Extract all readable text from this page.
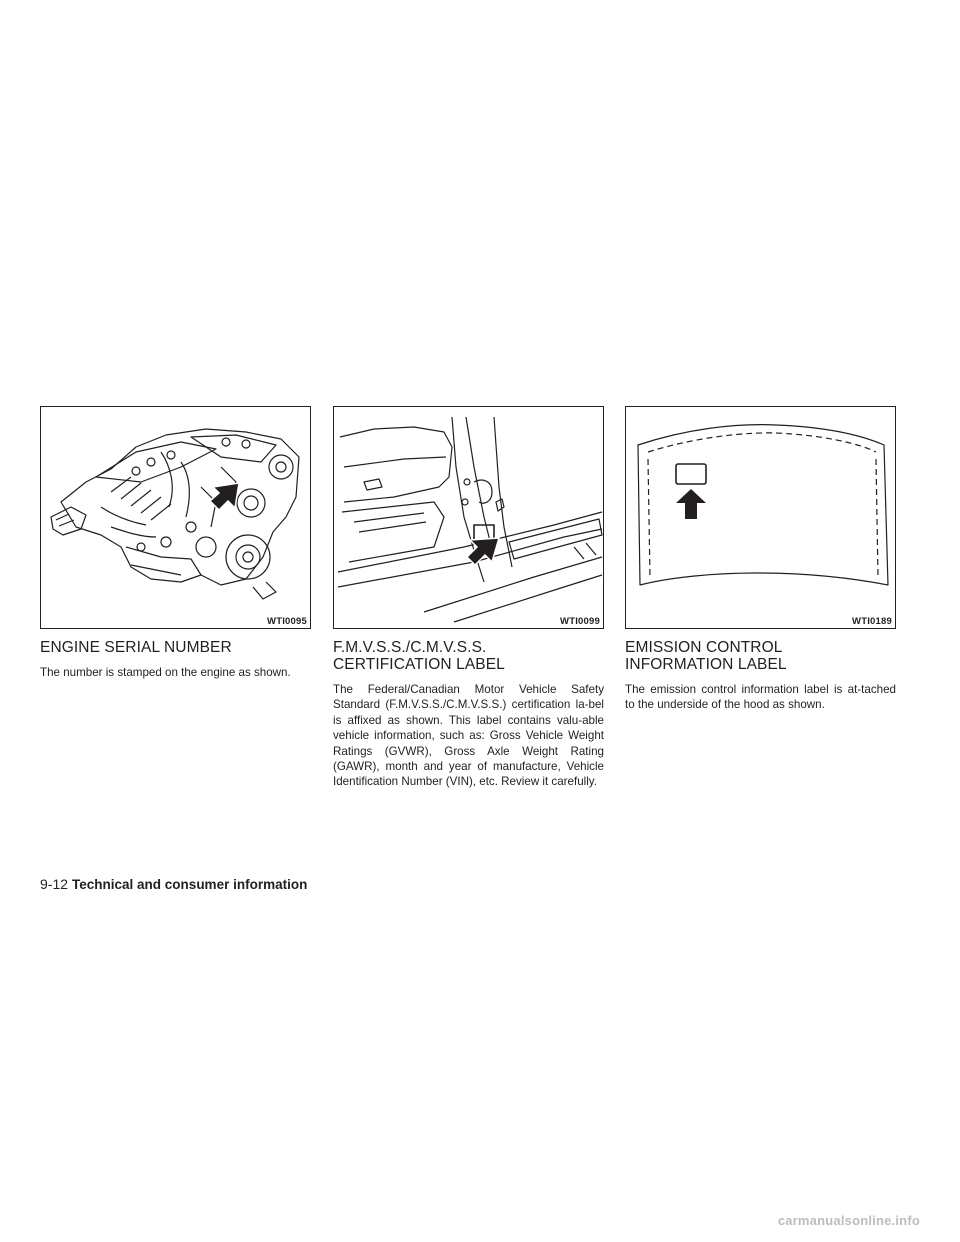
WTI0095
ENGINE SERIAL NUMBER

The number is stamped on the engine as shown.

WTI0099
F.M.V.S.S./C.M.V.S.S.
CERTIFICATION LABEL

The Federal/Canadian Motor Vehicle Safety Standard (F.M.V.S.S./C.M.V.S.S.) certification la-bel is affixed as shown. This label contains valu-able vehicle information, such as: Gross Vehicle Weight Ratings (GVWR), Gross Axle Weight Rating (GAWR), month and year of manufacture, Vehicle Identification Number (VIN), etc. Review it carefully.

WTI0189
EMISSION CONTROL
INFORMATION LABEL

The emission control information label is at-tached to the underside of the hood as shown.

9-12 Technical and consumer information
carmanualsonline.info
